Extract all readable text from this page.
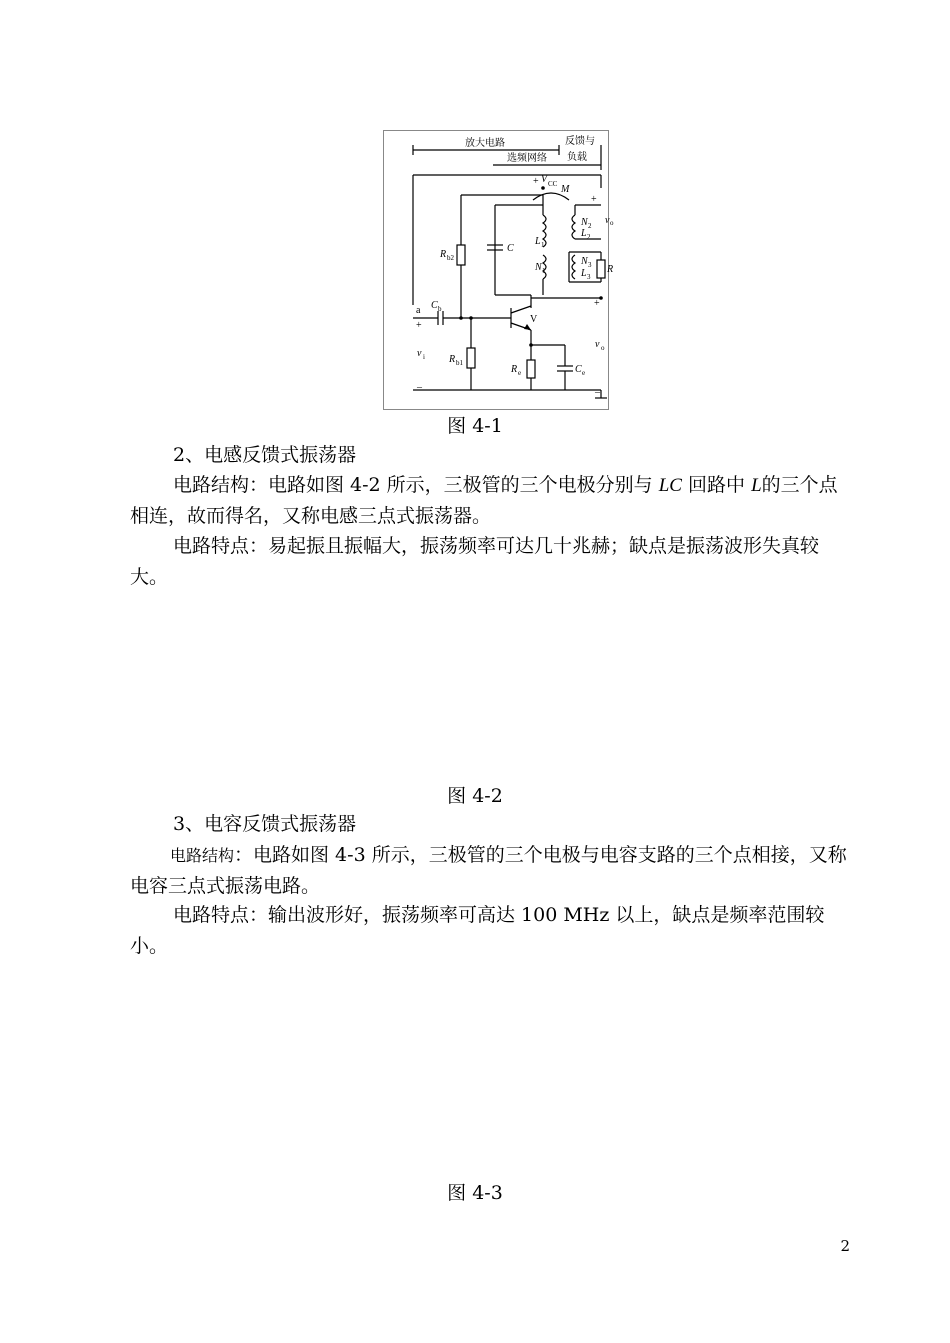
放大电路
选频网络
反馈与
负载
+ V CC M
+
R b2
C
L 1
N 1
N 2
L 2
N 3
L 3
v o
R
+
C b
a
+
v i
–
R b1
V
R e	C e
v o
–
图 4-1

2、电感反馈式振荡器

电路结构：电路如图 4-2 所示，三极管的三个电极分别与 LC 回路中 L的三个点相连，故而得名，又称电感三点式振荡器。

电路特点：易起振且振幅大，振荡频率可达几十兆赫；缺点是振荡波形失真较大。

图 4-2

3、电容反馈式振荡器

电路结构：电路如图 4-3 所示，三极管的三个电极与电容支路的三个点相接，又称电容三点式振荡电路。

电路特点：输出波形好，振荡频率可高达 100 MHz 以上，缺点是频率范围较小。

图 4-3
2
